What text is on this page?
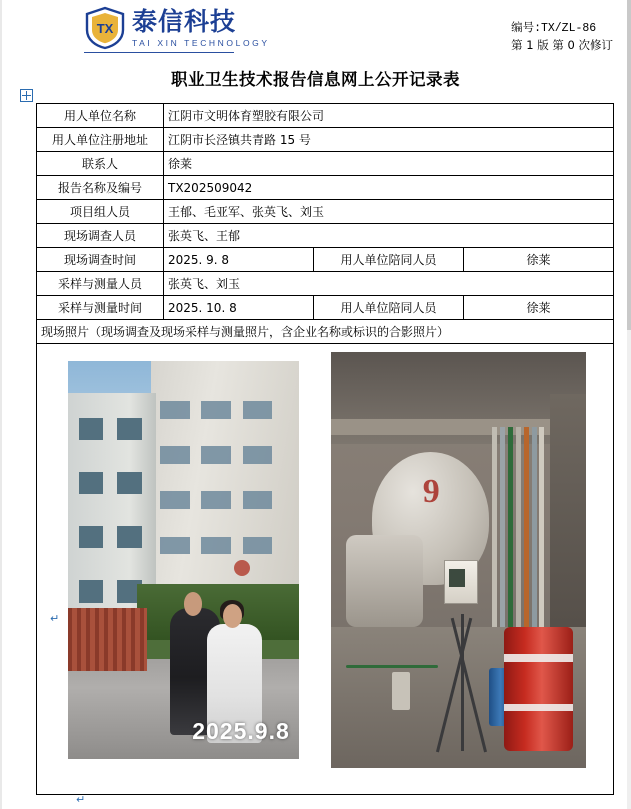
TX 泰信科技
TAI XIN TECHNOLOGY
编号:TX/ZL-86
第 1 版 第 0 次修订
职业卫生技术报告信息网上公开记录表
↵
↵
用人单位名称	江阴市文明体育塑胶有限公司		
用人单位注册地址	江阴市长泾镇共青路 15 号		
联系人	徐莱		
报告名称及编号	TX202509042		
项目组人员	王郁、毛亚军、张英飞、刘玉		
现场调查人员	张英飞、王郁		
现场调查时间	2025. 9. 8	用人单位陪同人员	徐莱
采样与测量人员	张英飞、刘玉		
采样与测量时间	2025. 10. 8	用人单位陪同人员	徐莱
现场照片（现场调查及现场采样与测量照片，含企业名称或标识的合影照片）			

2025.9.8
9			
